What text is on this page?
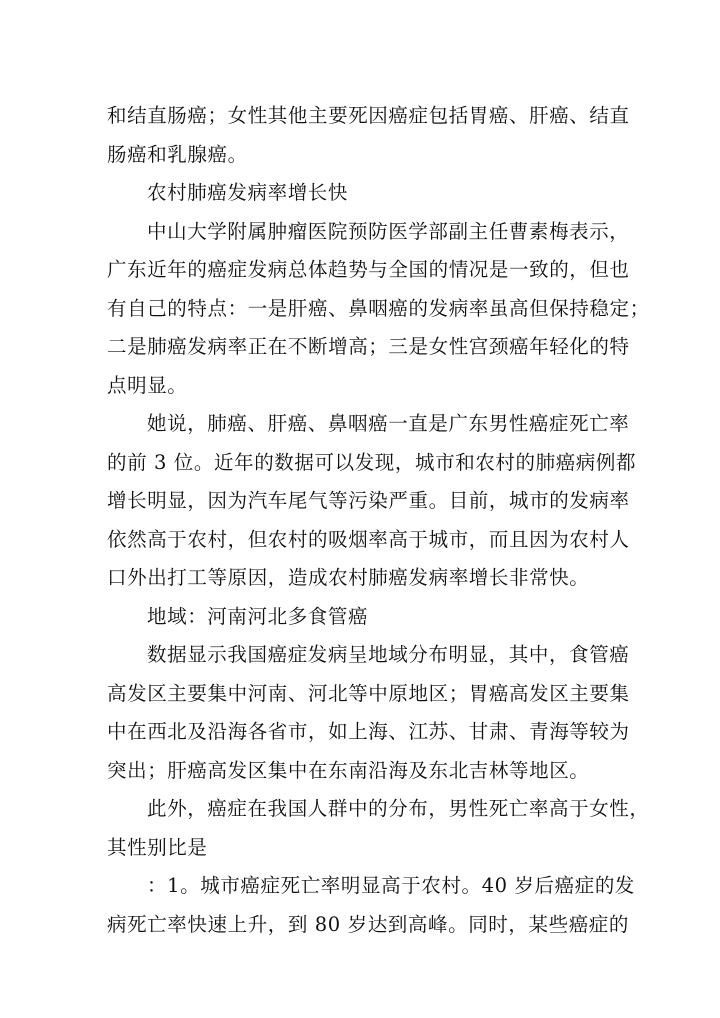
和结直肠癌；女性其他主要死因癌症包括胃癌、肝癌、结直
肠癌和乳腺癌。
农村肺癌发病率增长快
中山大学附属肿瘤医院预防医学部副主任曹素梅表示，
广东近年的癌症发病总体趋势与全国的情况是一致的，但也
有自己的特点：一是肝癌、鼻咽癌的发病率虽高但保持稳定；
二是肺癌发病率正在不断增高；三是女性宫颈癌年轻化的特
点明显。
她说，肺癌、肝癌、鼻咽癌一直是广东男性癌症死亡率
的前 3 位。近年的数据可以发现，城市和农村的肺癌病例都
增长明显，因为汽车尾气等污染严重。目前，城市的发病率
依然高于农村，但农村的吸烟率高于城市，而且因为农村人
口外出打工等原因，造成农村肺癌发病率增长非常快。
地域：河南河北多食管癌
数据显示我国癌症发病呈地域分布明显，其中，食管癌
高发区主要集中河南、河北等中原地区；胃癌高发区主要集
中在西北及沿海各省市，如上海、江苏、甘肃、青海等较为
突出；肝癌高发区集中在东南沿海及东北吉林等地区。
此外，癌症在我国人群中的分布，男性死亡率高于女性，
其性别比是
：1。城市癌症死亡率明显高于农村。40 岁后癌症的发
病死亡率快速上升，到 80 岁达到高峰。同时，某些癌症的
